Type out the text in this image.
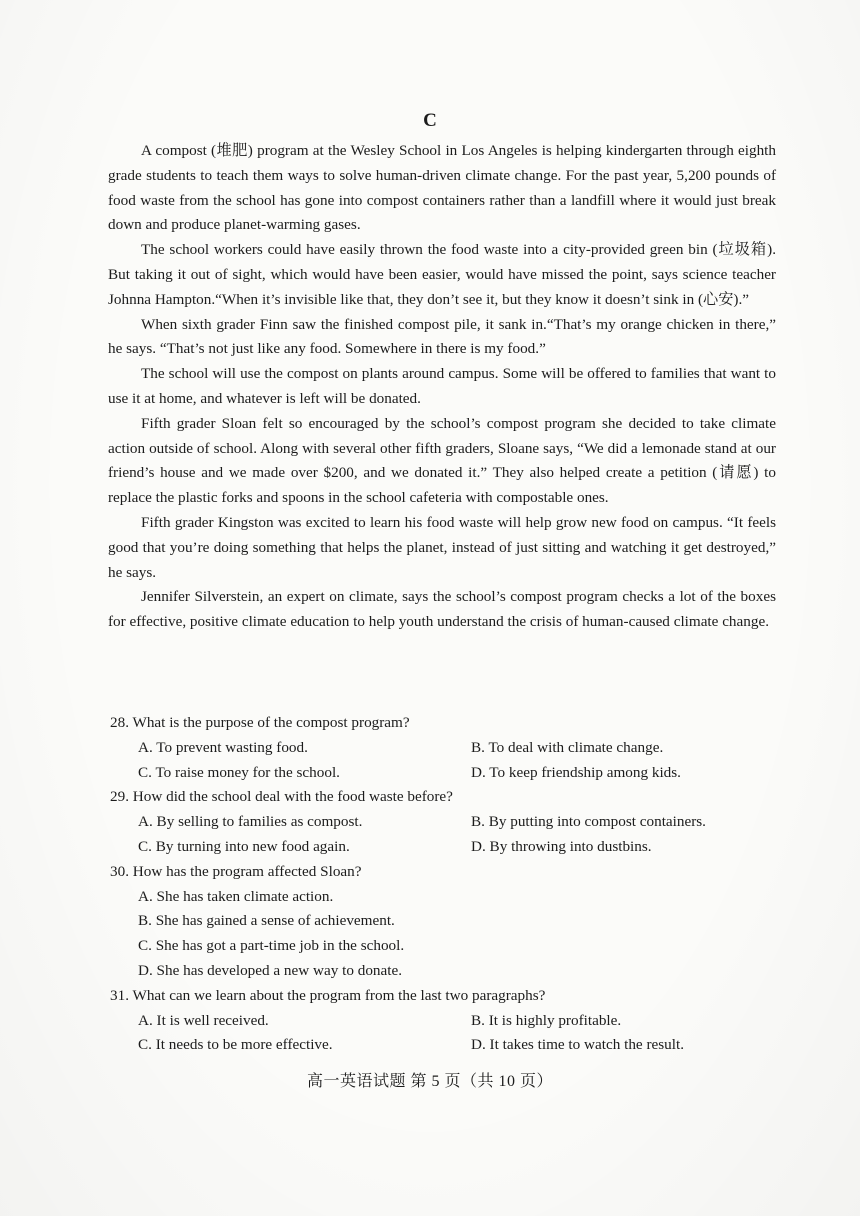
C

A compost (堆肥) program at the Wesley School in Los Angeles is helping kindergarten through eighth grade students to teach them ways to solve human-driven climate change. For the past year, 5,200 pounds of food waste from the school has gone into compost containers rather than a landfill where it would just break down and produce planet-warming gases.

The school workers could have easily thrown the food waste into a city-provided green bin (垃圾箱). But taking it out of sight, which would have been easier, would have missed the point, says science teacher Johnna Hampton.“When it’s invisible like that, they don’t see it, but they know it doesn’t sink in (心安).”

When sixth grader Finn saw the finished compost pile, it sank in.“That’s my orange chicken in there,” he says. “That’s not just like any food. Somewhere in there is my food.”

The school will use the compost on plants around campus. Some will be offered to families that want to use it at home, and whatever is left will be donated.

Fifth grader Sloan felt so encouraged by the school’s compost program she decided to take climate action outside of school. Along with several other fifth graders, Sloane says, “We did a lemonade stand at our friend’s house and we made over $200, and we donated it.” They also helped create a petition (请愿) to replace the plastic forks and spoons in the school cafeteria with compostable ones.

Fifth grader Kingston was excited to learn his food waste will help grow new food on campus. “It feels good that you’re doing something that helps the planet, instead of just sitting and watching it get destroyed,” he says.

Jennifer Silverstein, an expert on climate, says the school’s compost program checks a lot of the boxes for effective, positive climate education to help youth understand the crisis of human-caused climate change.

28. What is the purpose of the compost program?

A. To prevent wasting food.	B. To deal with climate change.

C. To raise money for the school.	D. To keep friendship among kids.

29. How did the school deal with the food waste before?

A. By selling to families as compost.	B. By putting into compost containers.

C. By turning into new food again.	D. By throwing into dustbins.

30. How has the program affected Sloan?

A. She has taken climate action.

B. She has gained a sense of achievement.

C. She has got a part-time job in the school.

D. She has developed a new way to donate.

31. What can we learn about the program from the last two paragraphs?

A. It is well received.	B. It is highly profitable.

C. It needs to be more effective.	D. It takes time to watch the result.

高一英语试题 第 5 页（共 10 页）
